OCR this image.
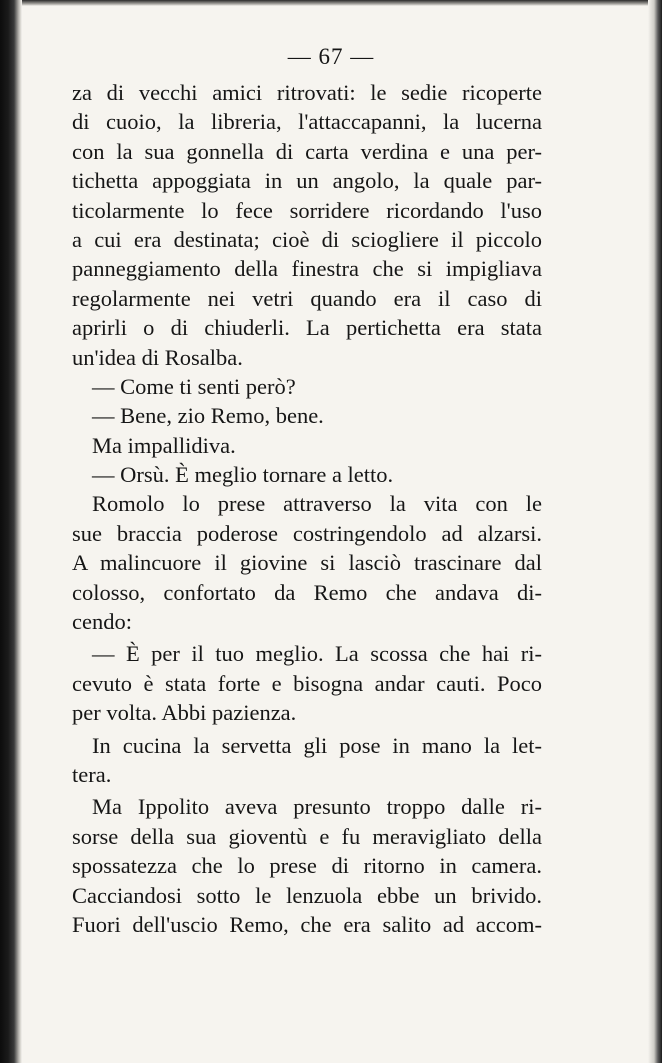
— 67 —
za di vecchi amici ritrovati: le sedie ricoperte
di cuoio, la libreria, l'attaccapanni, la lucerna
con la sua gonnella di carta verdina e una per-
tichetta appoggiata in un angolo, la quale par-
ticolarmente lo fece sorridere ricordando l'uso
a cui era destinata; cioè di sciogliere il piccolo
panneggiamento della finestra che si impigliava
regolarmente nei vetri quando era il caso di
aprirli o di chiuderli. La pertichetta era stata
un'idea di Rosalba.
— Come ti senti però?
— Bene, zio Remo, bene.
Ma impallidiva.
— Orsù. È meglio tornare a letto.
Romolo lo prese attraverso la vita con le
sue braccia poderose costringendolo ad alzarsi.
A malincuore il giovine si lasciò trascinare dal
colosso, confortato da Remo che andava di-
cendo:
— È per il tuo meglio. La scossa che hai ri-
cevuto è stata forte e bisogna andar cauti. Poco
per volta. Abbi pazienza.
In cucina la servetta gli pose in mano la let-
tera.
Ma Ippolito aveva presunto troppo dalle ri-
sorse della sua gioventù e fu meravigliato della
spossatezza che lo prese di ritorno in camera.
Cacciandosi sotto le lenzuola ebbe un brivido.
Fuori dell'uscio Remo, che era salito ad accom-
